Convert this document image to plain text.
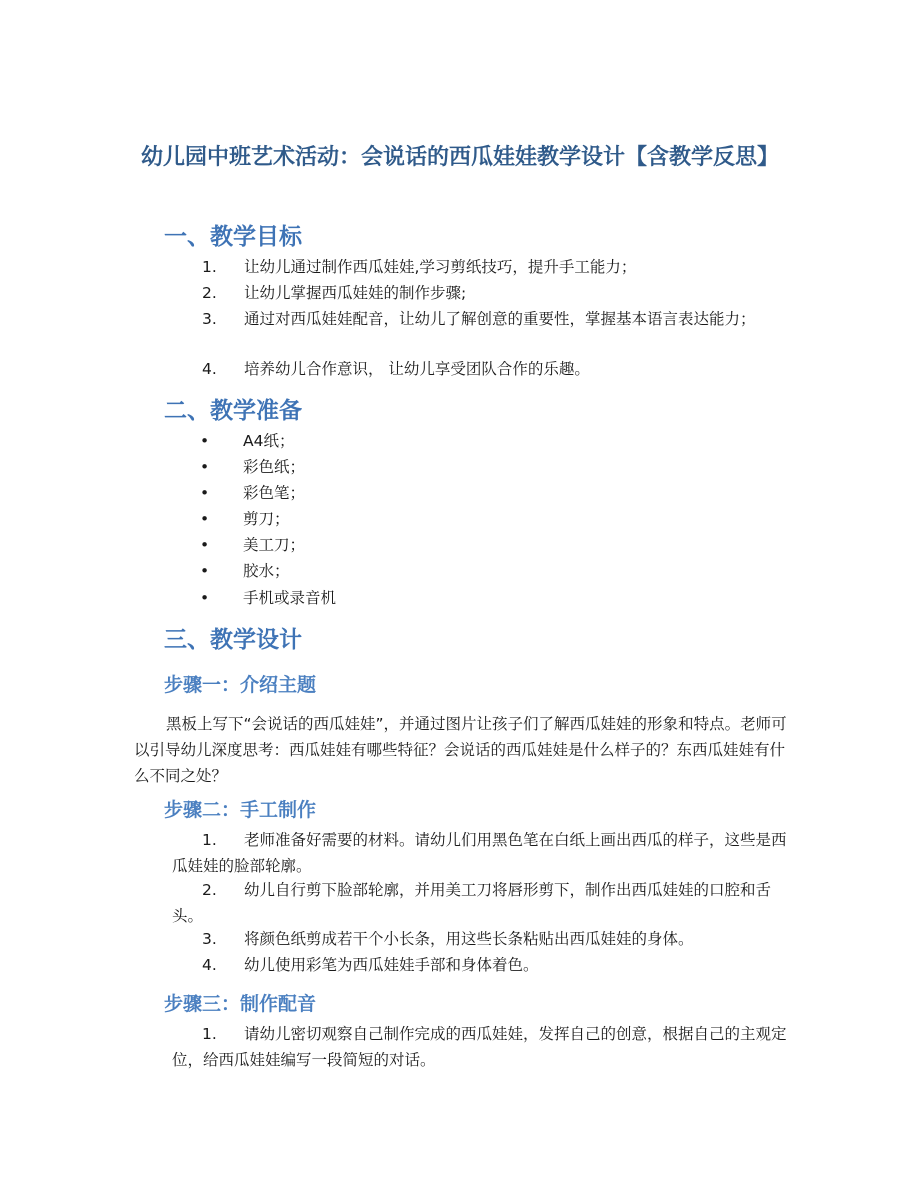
幼儿园中班艺术活动：会说话的西瓜娃娃教学设计【含教学反思】
一、教学目标
1.	让幼儿通过制作西瓜娃娃,学习剪纸技巧，提升手工能力；
2.	让幼儿掌握西瓜娃娃的制作步骤;
3.	通过对西瓜娃娃配音，让幼儿了解创意的重要性，掌握基本语言表达能力；
4.	培养幼儿合作意识， 让幼儿享受团队合作的乐趣。
二、教学准备
• A4纸；
• 彩色纸；
• 彩色笔；
• 剪刀；
• 美工刀；
• 胶水；
• 手机或录音机
三、教学设计
步骤一：介绍主题

黑板上写下“会说话的西瓜娃娃”，并通过图片让孩子们了解西瓜娃娃的形象和特点。老师可以引导幼儿深度思考：西瓜娃娃有哪些特征？会说话的西瓜娃娃是什么样子的？东西瓜娃娃有什么不同之处？

步骤二：手工制作
1.	老师准备好需要的材料。请幼儿们用黑色笔在白纸上画出西瓜的样子，这些是西瓜娃娃的脸部轮廓。
2.	幼儿自行剪下脸部轮廓，并用美工刀将唇形剪下，制作出西瓜娃娃的口腔和舌头。
3.	将颜色纸剪成若干个小长条，用这些长条粘贴出西瓜娃娃的身体。
4.	幼儿使用彩笔为西瓜娃娃手部和身体着色。
步骤三：制作配音
1.	请幼儿密切观察自己制作完成的西瓜娃娃，发挥自己的创意，根据自己的主观定位，给西瓜娃娃编写一段简短的对话。
